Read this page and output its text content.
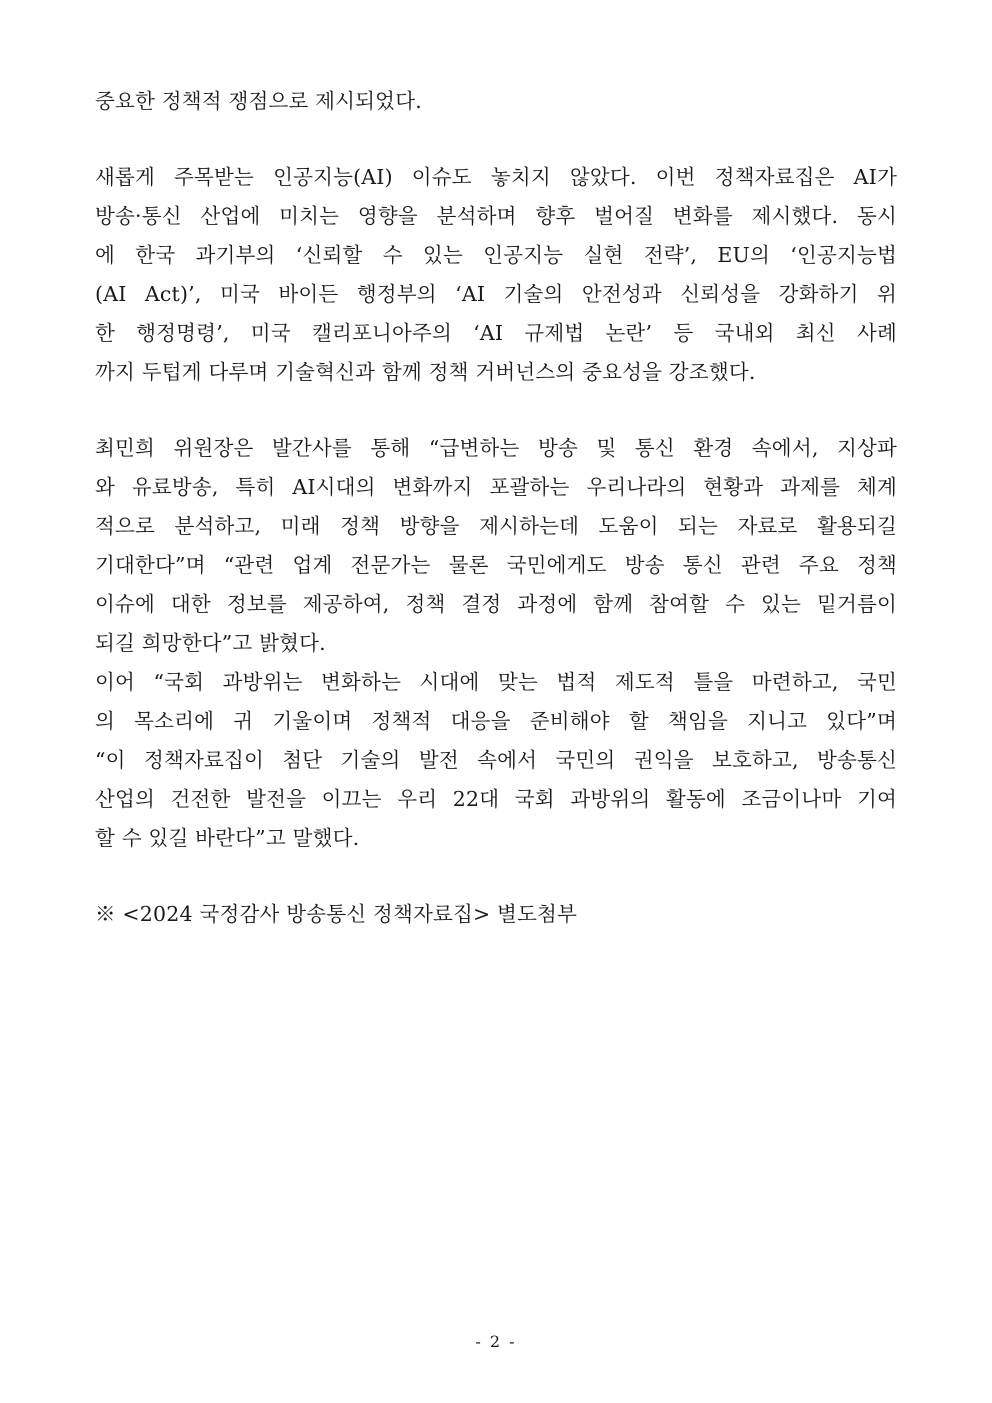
중요한 정책적 쟁점으로 제시되었다.
새롭게 주목받는 인공지능(AI) 이슈도 놓치지 않았다. 이번 정책자료집은 AI가
방송·통신 산업에 미치는 영향을 분석하며 향후 벌어질 변화를 제시했다. 동시
에 한국 과기부의 ‘신뢰할 수 있는 인공지능 실현 전략’, EU의 ‘인공지능법
(AI Act)’, 미국 바이든 행정부의 ‘AI 기술의 안전성과 신뢰성을 강화하기 위
한 행정명령’, 미국 캘리포니아주의 ‘AI 규제법 논란’ 등 국내외 최신 사례
까지 두텁게 다루며 기술혁신과 함께 정책 거버넌스의 중요성을 강조했다.
최민희 위원장은 발간사를 통해 “급변하는 방송 및 통신 환경 속에서, 지상파
와 유료방송, 특히 AI시대의 변화까지 포괄하는 우리나라의 현황과 과제를 체계
적으로 분석하고, 미래 정책 방향을 제시하는데 도움이 되는 자료로 활용되길
기대한다”며 “관련 업계 전문가는 물론 국민에게도 방송 통신 관련 주요 정책
이슈에 대한 정보를 제공하여, 정책 결정 과정에 함께 참여할 수 있는 밑거름이
되길 희망한다”고 밝혔다.
이어 “국회 과방위는 변화하는 시대에 맞는 법적 제도적 틀을 마련하고, 국민
의 목소리에 귀 기울이며 정책적 대응을 준비해야 할 책임을 지니고 있다”며
“이 정책자료집이 첨단 기술의 발전 속에서 국민의 권익을 보호하고, 방송통신
산업의 건전한 발전을 이끄는 우리 22대 국회 과방위의 활동에 조금이나마 기여
할 수 있길 바란다”고 말했다.
※ <2024 국정감사 방송통신 정책자료집> 별도첨부
- 2 -
